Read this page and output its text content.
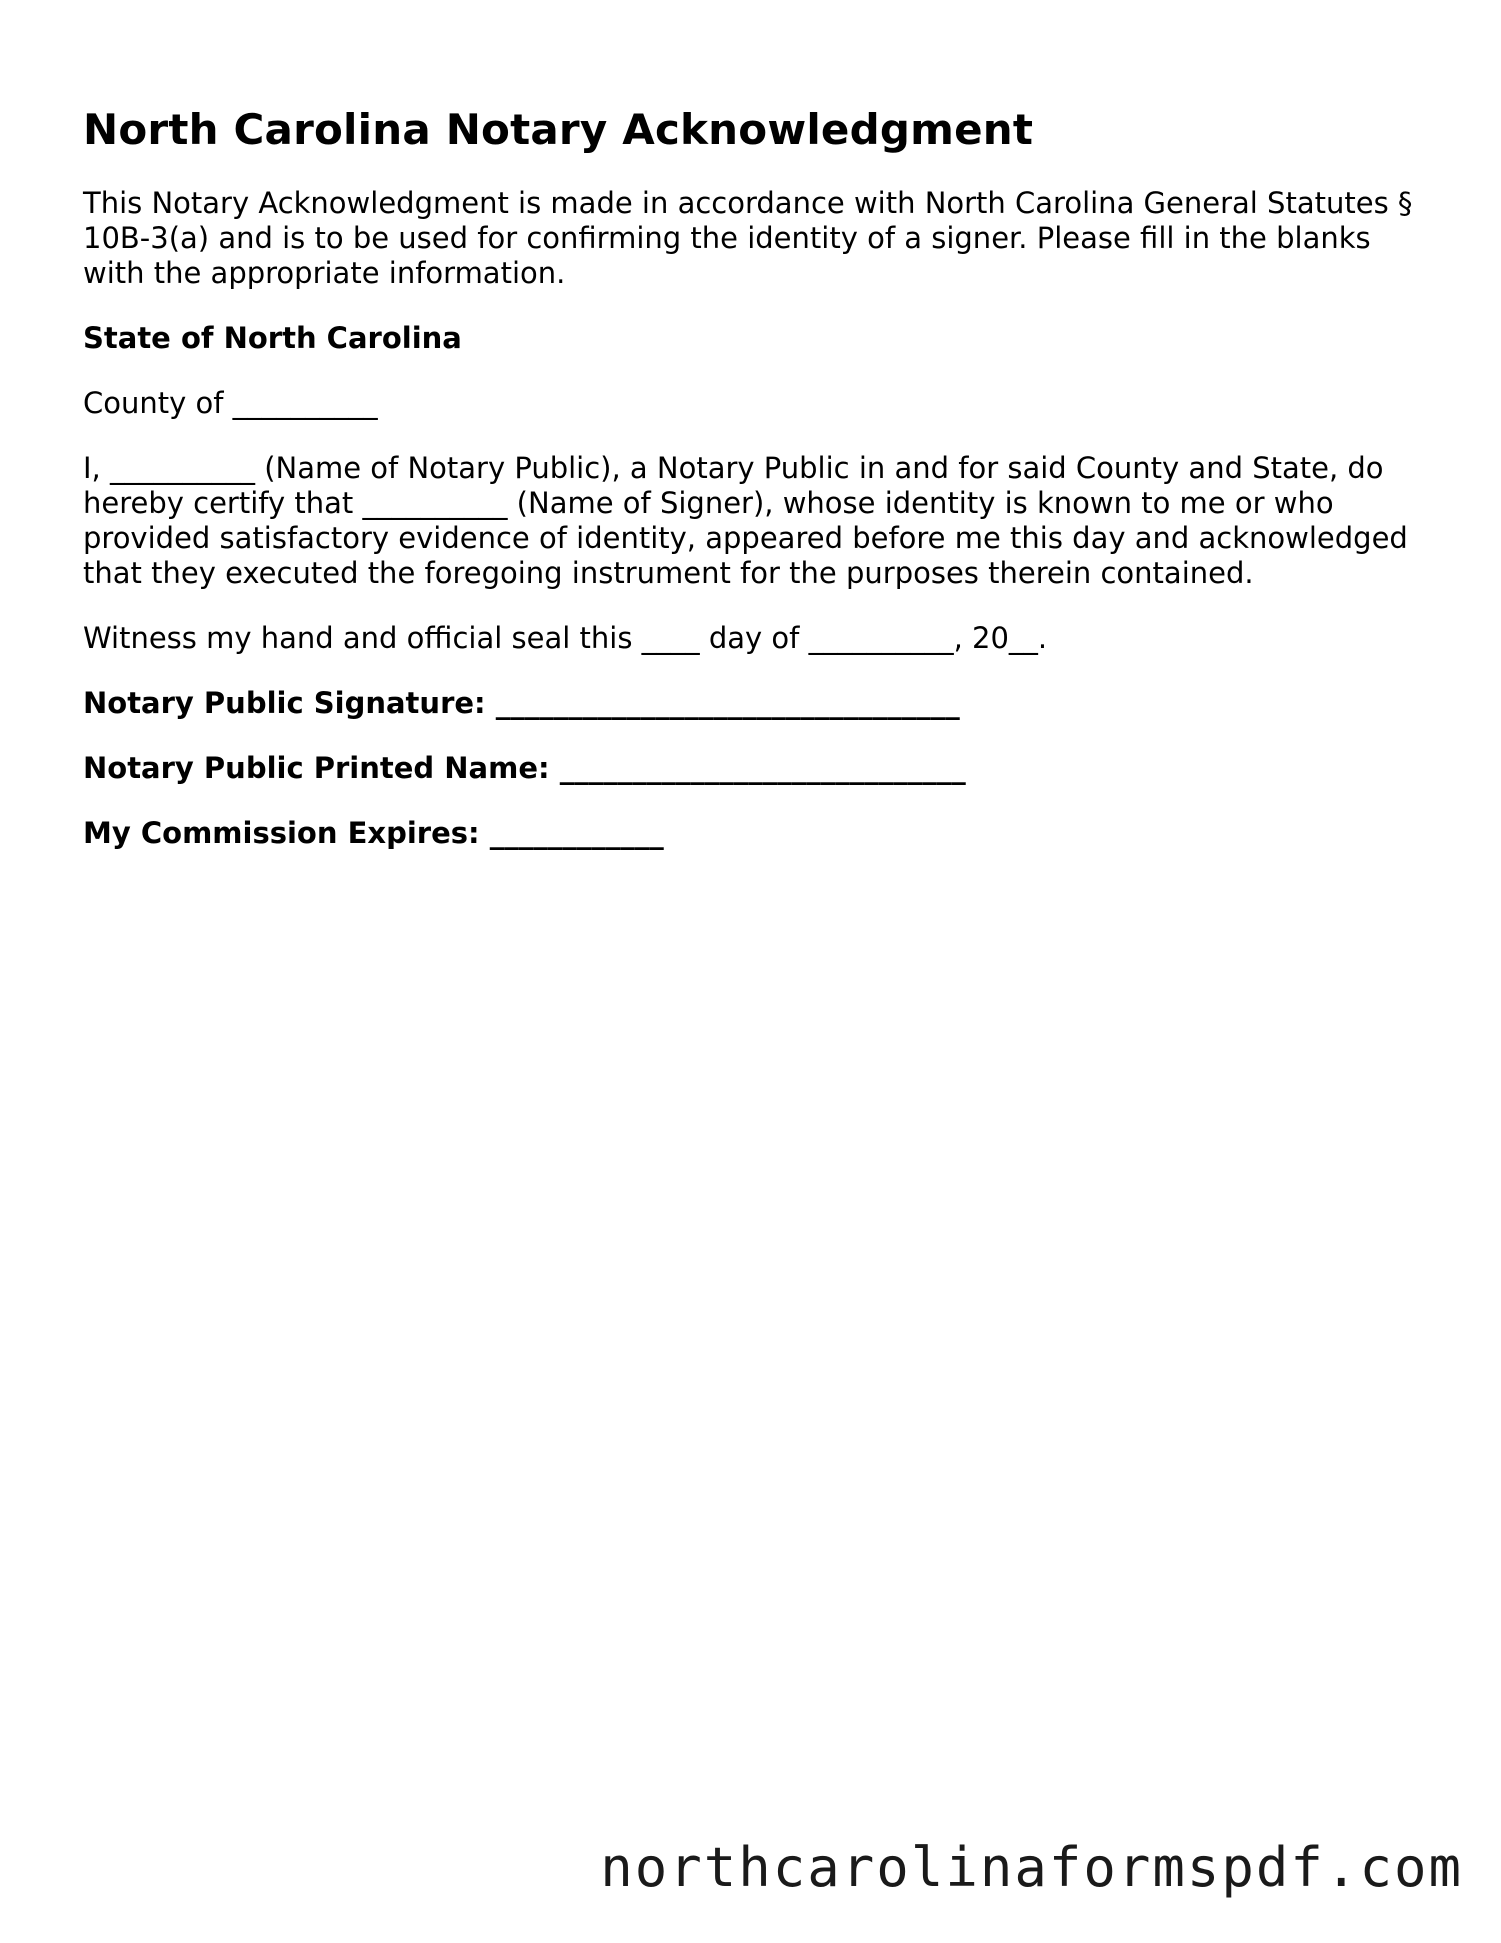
North Carolina Notary Acknowledgment

This Notary Acknowledgment is made in accordance with North Carolina General Statutes § 10B-3(a) and is to be used for confirming the identity of a signer. Please fill in the blanks with the appropriate information.

State of North Carolina

County of __________

I, __________ (Name of Notary Public), a Notary Public in and for said County and State, do hereby certify that __________ (Name of Signer), whose identity is known to me or who provided satisfactory evidence of identity, appeared before me this day and acknowledged that they executed the foregoing instrument for the purposes therein contained.

Witness my hand and official seal this ____ day of __________, 20__.

Notary Public Signature: ________________________________

Notary Public Printed Name: ____________________________

My Commission Expires: ____________

northcarolinaformspdf.com
